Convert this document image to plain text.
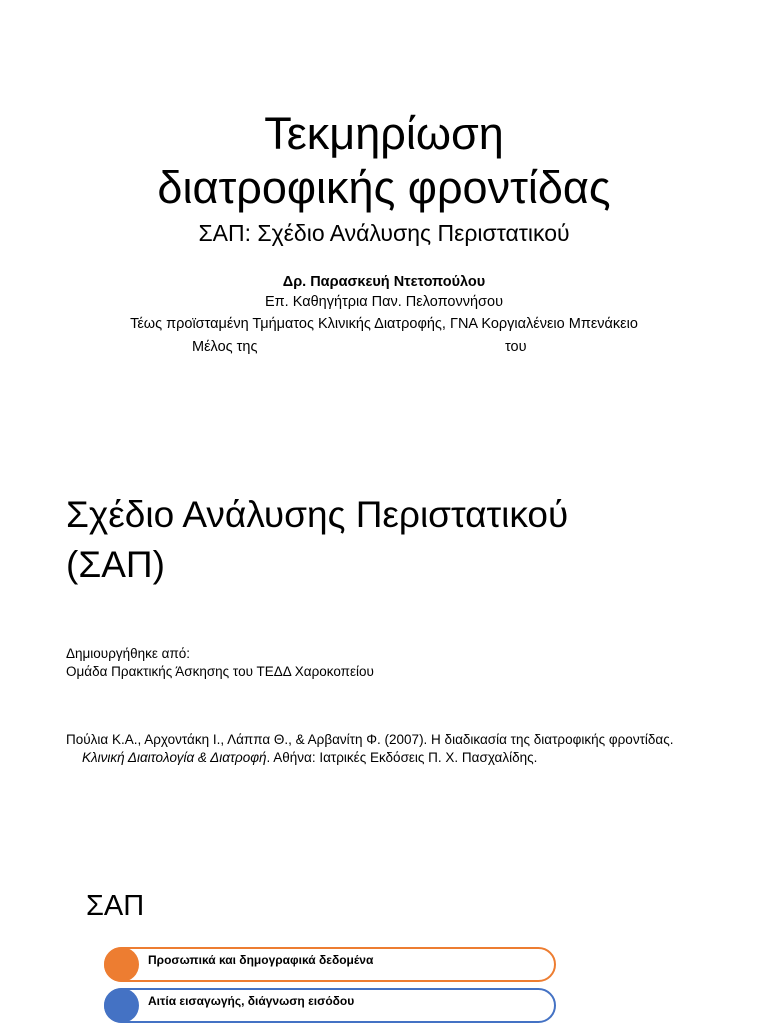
Τεκμηρίωση
διατροφικής φροντίδας
ΣΑΠ: Σχέδιο Ανάλυσης Περιστατικού
Δρ. Παρασκευή Ντετοπούλου
Επ. Καθηγήτρια Παν. Πελοποννήσου
Τέως προϊσταμένη Τμήματος Κλινικής Διατροφής, ΓΝΑ Κοργιαλένειο Μπενάκειο
Μέλος της	του
Σχέδιο Ανάλυσης Περιστατικού
(ΣΑΠ)
Δημιουργήθηκε από:
Ομάδα Πρακτικής Άσκησης του ΤΕΔΔ Χαροκοπείου
Πούλια Κ.Α., Αρχοντάκη Ι., Λάππα Θ., & Αρβανίτη Φ. (2007). Η διαδικασία της διατροφικής φροντίδας.
Κλινική Διαιτολογία & Διατροφή. Αθήνα: Ιατρικές Εκδόσεις Π. Χ. Πασχαλίδης.
ΣΑΠ
Προσωπικά και δημογραφικά δεδομένα
Αιτία εισαγωγής, διάγνωση εισόδου
